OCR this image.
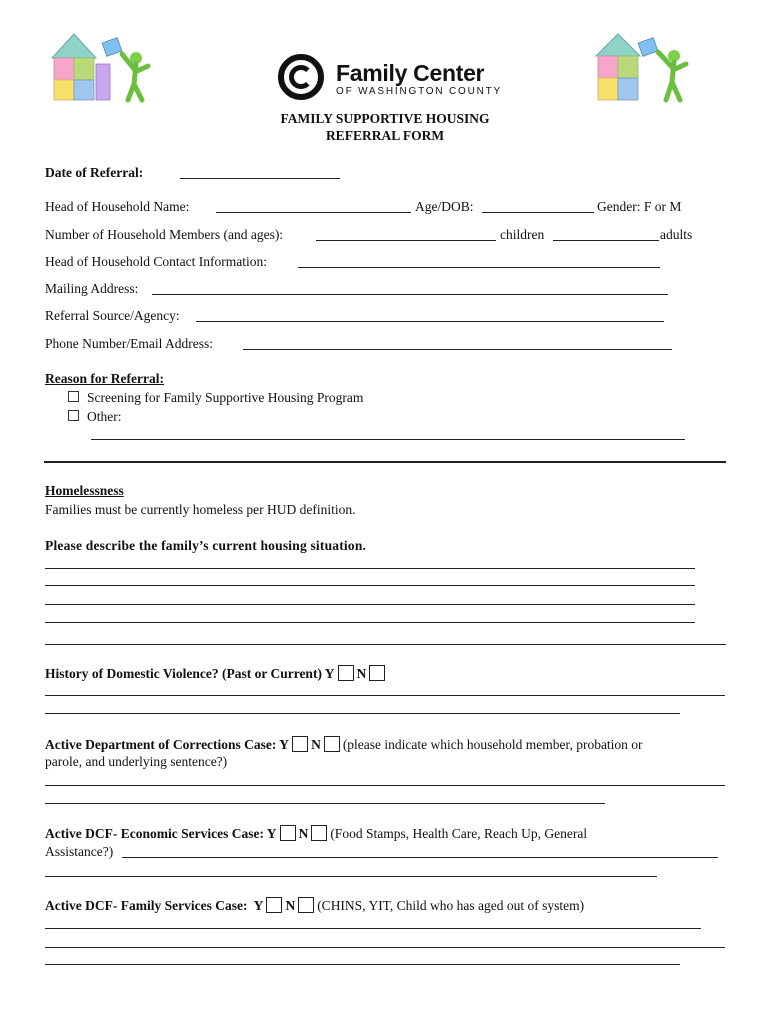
Family Center
OF WASHINGTON COUNTY
FAMILY SUPPORTIVE HOUSING
REFERRAL FORM
Date of Referral:
Head of Household Name:	Age/DOB:	Gender: F or M
Number of Household Members (and ages):	children	adults
Head of Household Contact Information:
Mailing Address:
Referral Source/Agency:
Phone Number/Email Address:
Reason for Referral:
Screening for Family Supportive Housing Program
Other:
Homelessness
Families must be currently homeless per HUD definition.
Please describe the family’s current housing situation.
History of Domestic Violence? (Past or Current) Y N
Active Department of Corrections Case: Y N (please indicate which household member, probation or
parole, and underlying sentence?)
Active DCF- Economic Services Case: Y N (Food Stamps, Health Care, Reach Up, General
Assistance?)
Active DCF- Family Services Case:  Y N (CHINS, YIT, Child who has aged out of system)
